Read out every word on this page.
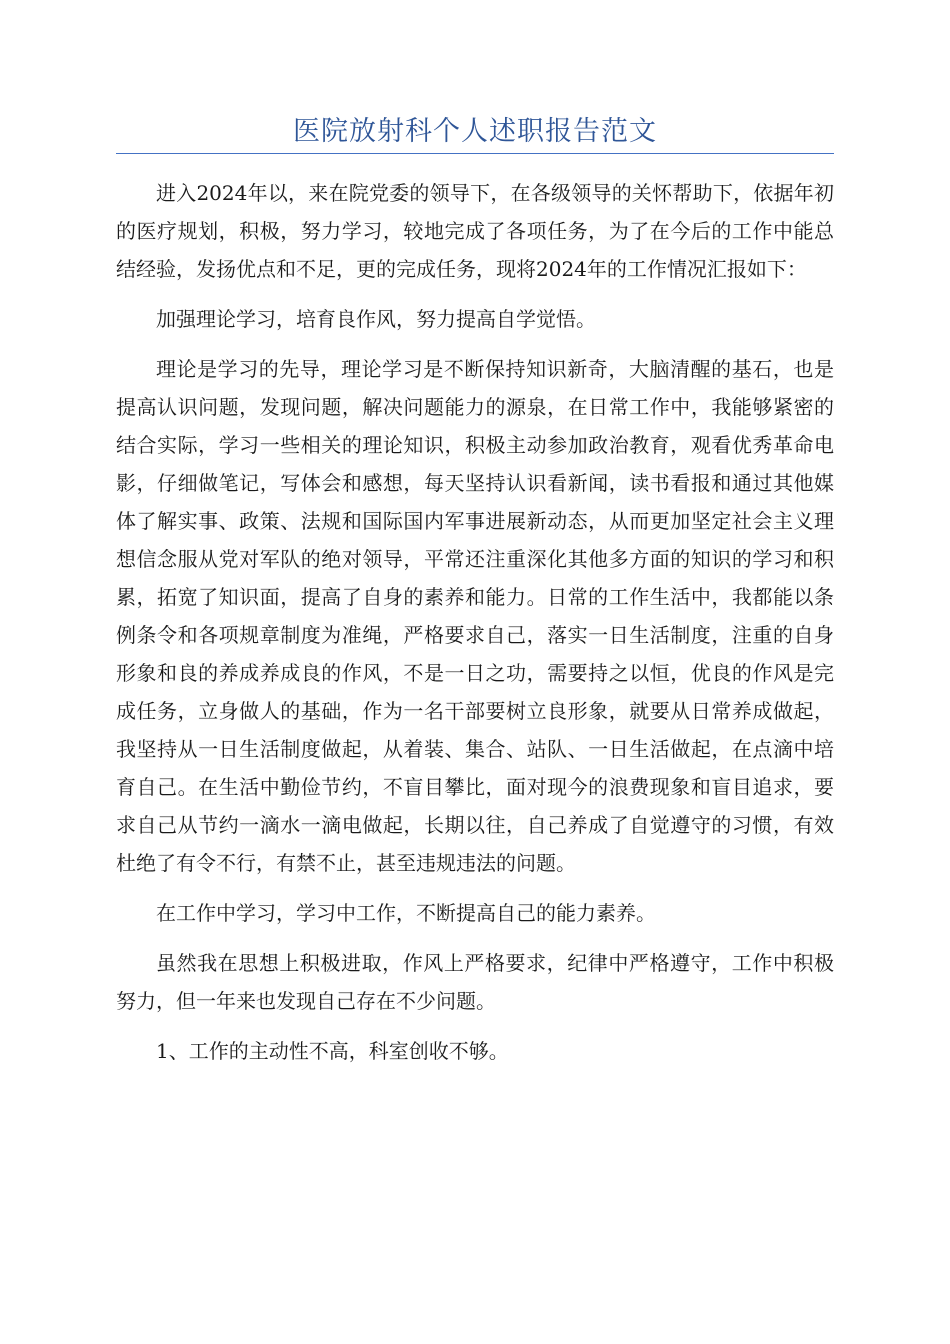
医院放射科个人述职报告范文

进入2024年以，来在院党委的领导下，在各级领导的关怀帮助下，依据年初的医疗规划，积极，努力学习，较地完成了各项任务，为了在今后的工作中能总结经验，发扬优点和不足，更的完成任务，现将2024年的工作情况汇报如下：

加强理论学习，培育良作风，努力提高自学觉悟。

理论是学习的先导，理论学习是不断保持知识新奇，大脑清醒的基石，也是提高认识问题，发现问题，解决问题能力的源泉，在日常工作中，我能够紧密的结合实际，学习一些相关的理论知识，积极主动参加政治教育，观看优秀革命电影，仔细做笔记，写体会和感想，每天坚持认识看新闻，读书看报和通过其他媒体了解实事、政策、法规和国际国内军事进展新动态，从而更加坚定社会主义理想信念服从党对军队的绝对领导，平常还注重深化其他多方面的知识的学习和积累，拓宽了知识面，提高了自身的素养和能力。日常的工作生活中，我都能以条例条令和各项规章制度为准绳，严格要求自己，落实一日生活制度，注重的自身形象和良的养成养成良的作风，不是一日之功，需要持之以恒，优良的作风是完成任务，立身做人的基础，作为一名干部要树立良形象，就要从日常养成做起，我坚持从一日生活制度做起，从着装、集合、站队、一日生活做起，在点滴中培育自己。在生活中勤俭节约，不盲目攀比，面对现今的浪费现象和盲目追求，要求自己从节约一滴水一滴电做起，长期以往，自己养成了自觉遵守的习惯，有效杜绝了有令不行，有禁不止，甚至违规违法的问题。

在工作中学习，学习中工作，不断提高自己的能力素养。

虽然我在思想上积极进取，作风上严格要求，纪律中严格遵守，工作中积极努力，但一年来也发现自己存在不少问题。

1、工作的主动性不高，科室创收不够。
